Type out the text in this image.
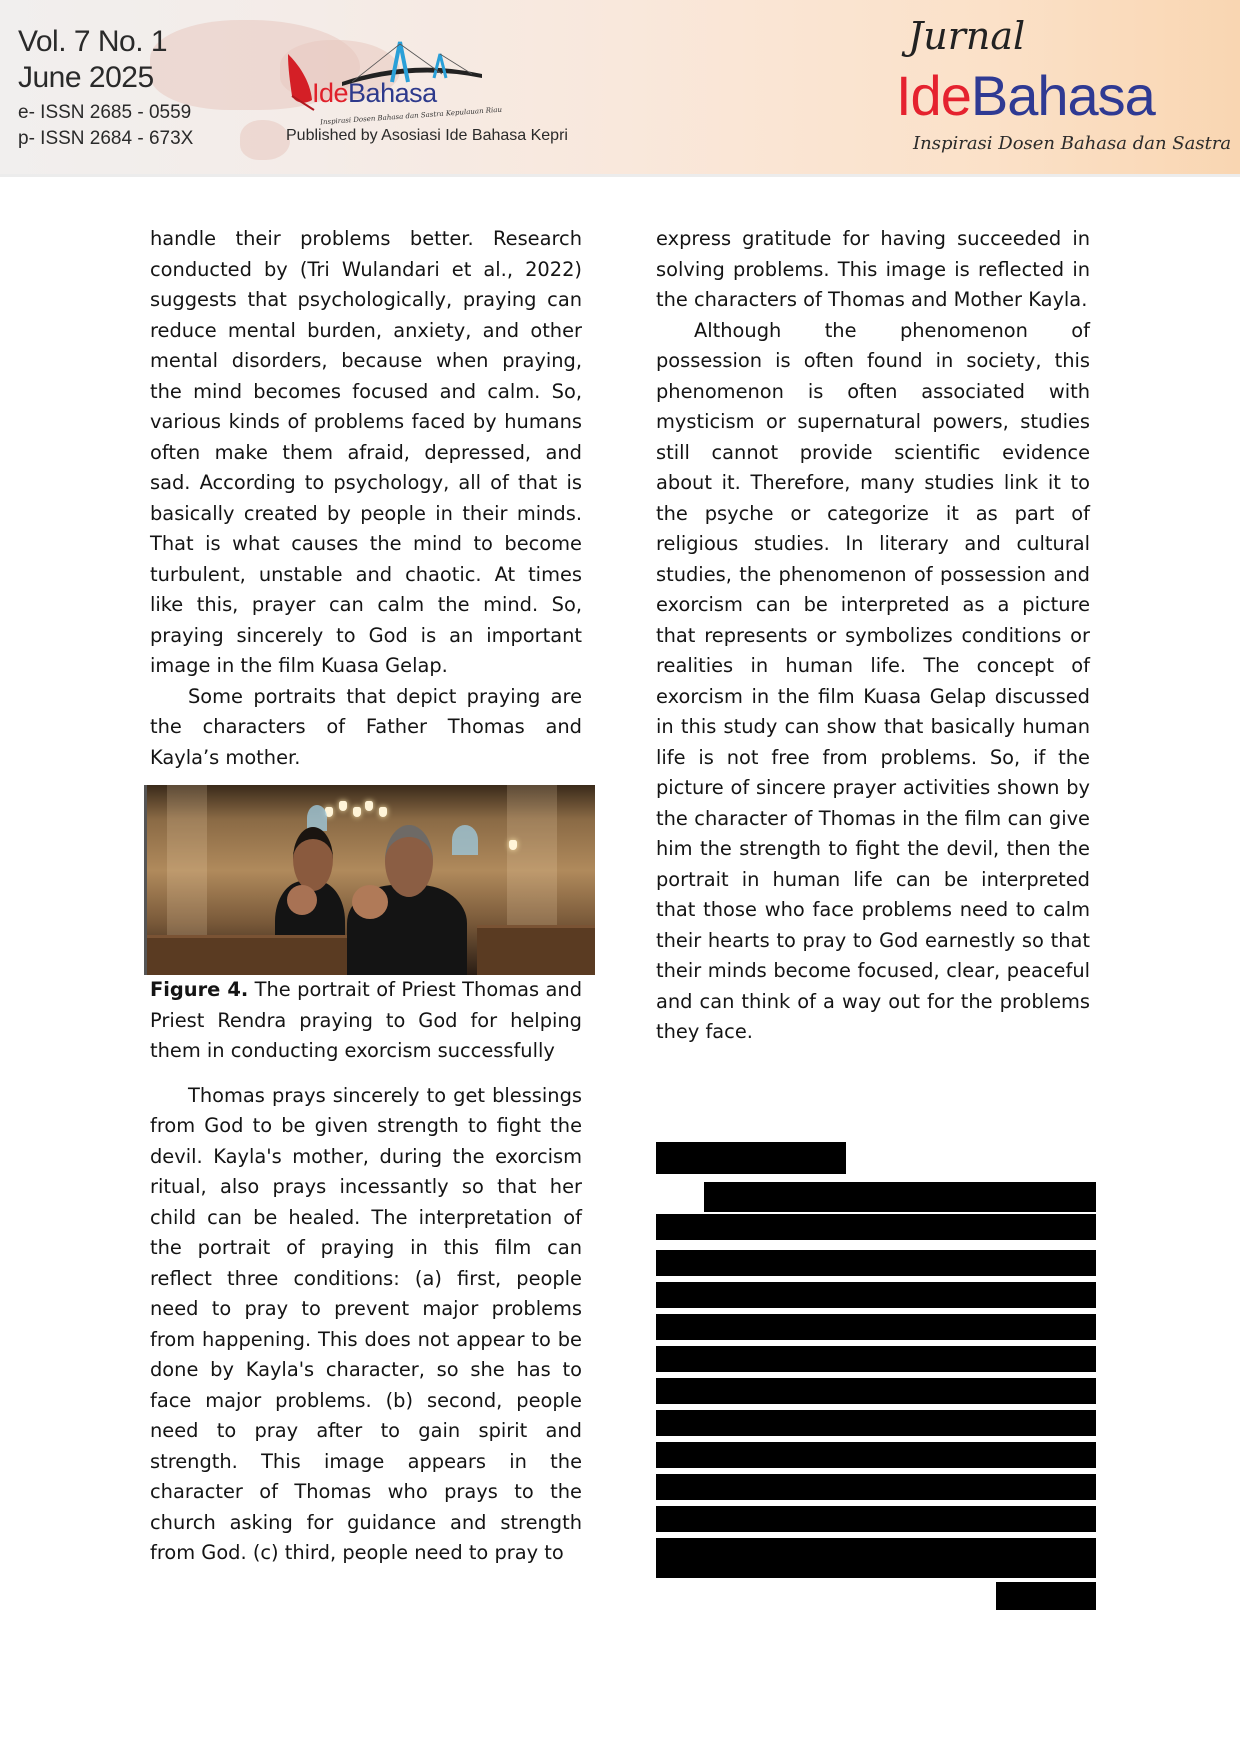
Vol. 7 No. 1
June 2025
e- ISSN 2685 - 0559
p- ISSN 2684 - 673X
IdeBahasa
Inspirasi Dosen Bahasa dan Sastra Kepulauan Riau
Published by Asosiasi Ide Bahasa Kepri
Jurnal
IdeBahasa
Inspirasi Dosen Bahasa dan Sastra

handle their problems better. Research conducted by (Tri Wulandari et al., 2022) suggests that psychologically, praying can reduce mental burden, anxiety, and other mental disorders, because when praying, the mind becomes focused and calm. So, various kinds of problems faced by humans often make them afraid, depressed, and sad. According to psychology, all of that is basically created by people in their minds. That is what causes the mind to become turbulent, unstable and chaotic. At times like this, prayer can calm the mind. So, praying sincerely to God is an important image in the film Kuasa Gelap.

Some portraits that depict praying are the characters of Father Thomas and Kayla’s mother.

Figure 4. The portrait of Priest Thomas and Priest Rendra praying to God for helping them in conducting exorcism successfully

Thomas prays sincerely to get blessings from God to be given strength to fight the devil. Kayla's mother, during the exorcism ritual, also prays incessantly so that her child can be healed. The interpretation of the portrait of praying in this film can reflect three conditions: (a) first, people need to pray to prevent major problems from happening. This does not appear to be done by Kayla's character, so she has to face major problems. (b) second, people need to pray after to gain spirit and strength. This image appears in the character of Thomas who prays to the church asking for guidance and strength from God. (c) third, people need to pray to

express gratitude for having succeeded in solving problems. This image is reflected in the characters of Thomas and Mother Kayla.

Although the phenomenon of possession is often found in society, this phenomenon is often associated with mysticism or supernatural powers, studies still cannot provide scientific evidence about it. Therefore, many studies link it to the psyche or categorize it as part of religious studies. In literary and cultural studies, the phenomenon of possession and exorcism can be interpreted as a picture that represents or symbolizes conditions or realities in human life. The concept of exorcism in the film Kuasa Gelap discussed in this study can show that basically human life is not free from problems. So, if the picture of sincere prayer activities shown by the character of Thomas in the film can give him the strength to fight the devil, then the portrait in human life can be interpreted that those who face problems need to calm their hearts to pray to God earnestly so that their minds become focused, clear, peaceful and can think of a way out for the problems they face.
